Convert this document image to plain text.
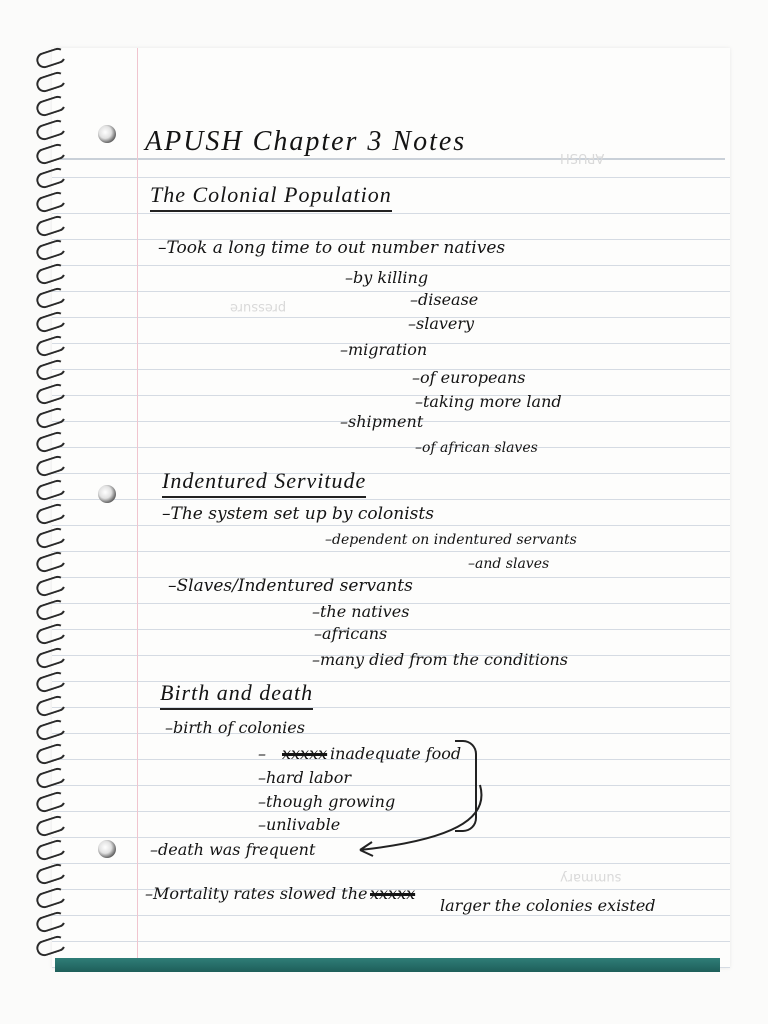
APUSH
pressure
summary
APUSH Chapter 3 Notes
The Colonial Population
–Took a long time to out number natives
–by killing
–disease
–slavery
–migration
–of europeans
–taking more land
–shipment
–of african slaves
Indentured Servitude
–The system set up by colonists
–dependent on indentured servants
–and slaves
–Slaves/Indentured servants
–the natives
–africans
–many died from the conditions
Birth and death
–birth of colonies
– xxxxx inadequate food
–hard labor
–though growing
–unlivable
–death was frequent
–Mortality rates slowed the xxxxx
larger the colonies existed
